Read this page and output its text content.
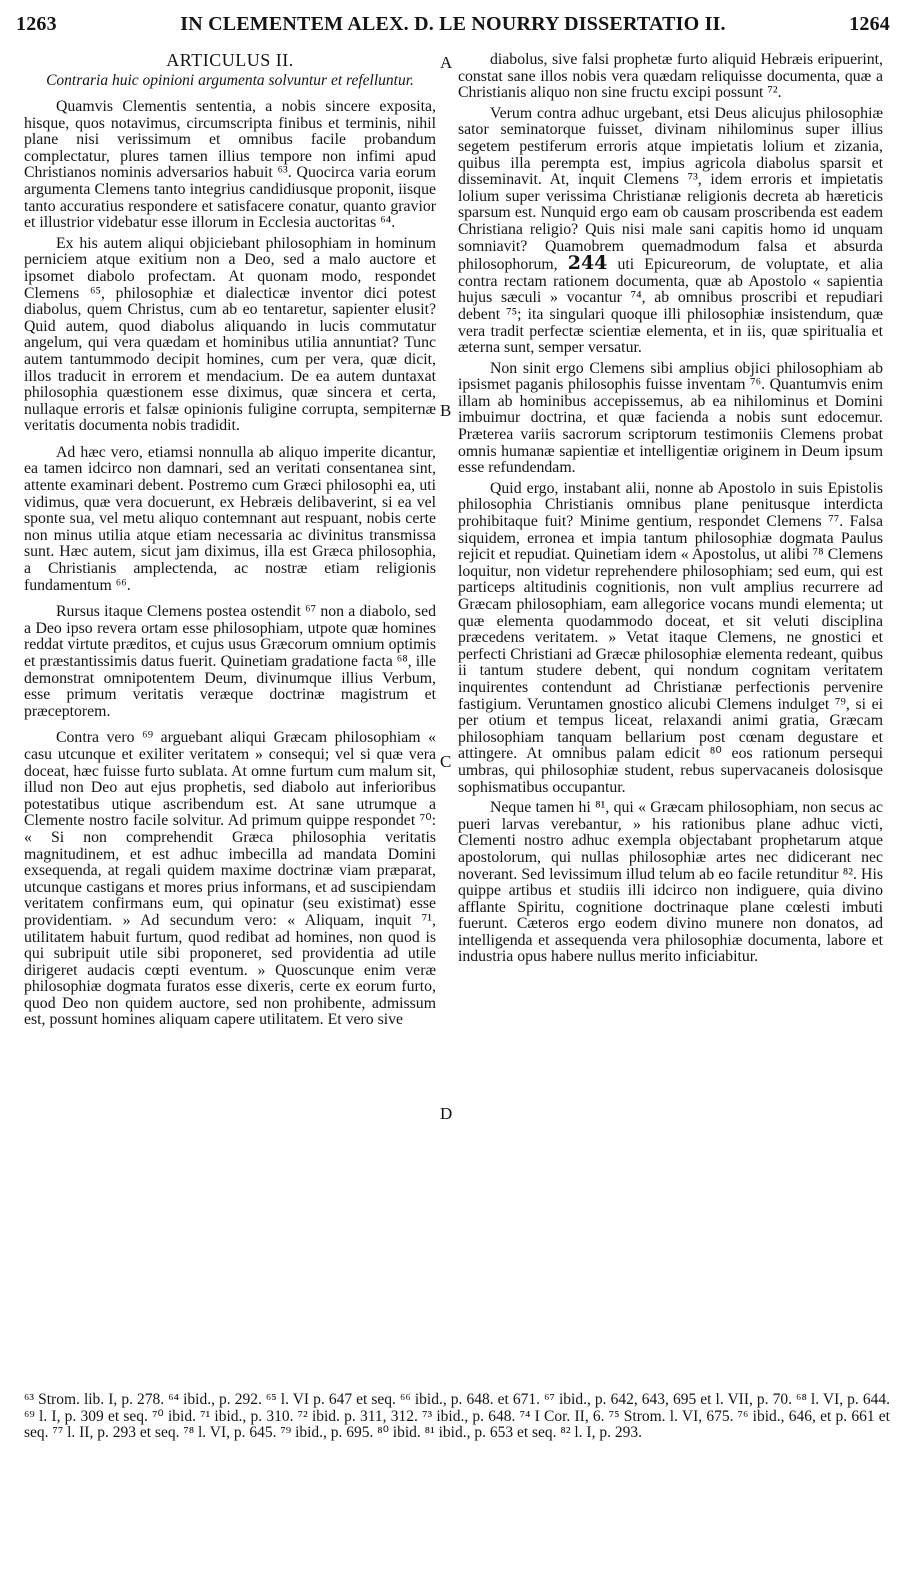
1263	IN CLEMENTEM ALEX. D. LE NOURRY DISSERTATIO II.	1264
A
B
C
D
ARTICULUS II.
Contraria huic opinioni argumenta solvuntur et refelluntur.

Quamvis Clementis sententia, a nobis sincere exposita, hisque, quos notavimus, circumscripta finibus et terminis, nihil plane nisi verissimum et omnibus facile probandum complectatur, plures tamen illius tempore non infimi apud Christianos nominis adversarios habuit ⁶³. Quocirca varia eorum argumenta Clemens tanto integrius candidiusque proponit, iisque tanto accuratius respondere et satisfacere conatur, quanto gravior et illustrior videbatur esse illorum in Ecclesia auctoritas ⁶⁴.

Ex his autem aliqui objiciebant philosophiam in hominum perniciem atque exitium non a Deo, sed a malo auctore et ipsomet diabolo profectam. At quonam modo, respondet Clemens ⁶⁵, philosophiæ et dialecticæ inventor dici potest diabolus, quem Christus, cum ab eo tentaretur, sapienter elusit? Quid autem, quod diabolus aliquando in lucis commutatur angelum, qui vera quædam et hominibus utilia annuntiat? Tunc autem tantummodo decipit homines, cum per vera, quæ dicit, illos traducit in errorem et mendacium. De ea autem duntaxat philosophia quæstionem esse diximus, quæ sincera et certa, nullaque erroris et falsæ opinionis fuligine corrupta, sempiternæ veritatis documenta nobis tradidit.

Ad hæc vero, etiamsi nonnulla ab aliquo imperite dicantur, ea tamen idcirco non damnari, sed an veritati consentanea sint, attente examinari debent. Postremo cum Græci philosophi ea, uti vidimus, quæ vera docuerunt, ex Hebræis delibaverint, si ea vel sponte sua, vel metu aliquo contemnant aut respuant, nobis certe non minus utilia atque etiam necessaria ac divinitus transmissa sunt. Hæc autem, sicut jam diximus, illa est Græca philosophia, a Christianis amplectenda, ac nostræ etiam religionis fundamentum ⁶⁶.

Rursus itaque Clemens postea ostendit ⁶⁷ non a diabolo, sed a Deo ipso revera ortam esse philosophiam, utpote quæ homines reddat virtute præditos, et cujus usus Græcorum omnium optimis et præstantissimis datus fuerit. Quinetiam gradatione facta ⁶⁸, ille demonstrat omnipotentem Deum, divinumque illius Verbum, esse primum veritatis veræque doctrinæ magistrum et præceptorem.

Contra vero ⁶⁹ arguebant aliqui Græcam philosophiam « casu utcunque et exiliter veritatem » consequi; vel si quæ vera doceat, hæc fuisse furto sublata. At omne furtum cum malum sit, illud non Deo aut ejus prophetis, sed diabolo aut inferioribus potestatibus utique ascribendum est. At sane utrumque a Clemente nostro facile solvitur. Ad primum quippe respondet ⁷⁰: « Si non comprehendit Græca philosophia veritatis magnitudinem, et est adhuc imbecilla ad mandata Domini exsequenda, at regali quidem maxime doctrinæ viam præparat, utcunque castigans et mores prius informans, et ad suscipiendam veritatem confirmans eum, qui opinatur (seu existimat) esse providentiam. » Ad secundum vero: « Aliquam, inquit ⁷¹, utilitatem habuit furtum, quod redibat ad homines, non quod is qui subripuit utile sibi proponeret, sed providentia ad utile dirigeret audacis cœpti eventum. » Quoscunque enim veræ philosophiæ dogmata furatos esse dixeris, certe ex eorum furto, quod Deo non quidem auctore, sed non prohibente, admissum est, possunt homines aliquam capere utilitatem. Et vero sive

diabolus, sive falsi prophetæ furto aliquid Hebræis eripuerint, constat sane illos nobis vera quædam reliquisse documenta, quæ a Christianis aliquo non sine fructu excipi possunt ⁷².

Verum contra adhuc urgebant, etsi Deus alicujus philosophiæ sator seminatorque fuisset, divinam nihilominus super illius segetem pestiferum erroris atque impietatis lolium et zizania, quibus illa perempta est, impius agricola diabolus sparsit et disseminavit. At, inquit Clemens ⁷³, idem erroris et impietatis lolium super verissima Christianæ religionis decreta ab hæreticis sparsum est. Nunquid ergo eam ob causam proscribenda est eadem Christiana religio? Quis nisi male sani capitis homo id unquam somniavit? Quamobrem quemadmodum falsa et absurda philosophorum, 244 uti Epicureorum, de voluptate, et alia contra rectam rationem documenta, quæ ab Apostolo « sapientia hujus sæculi » vocantur ⁷⁴, ab omnibus proscribi et repudiari debent ⁷⁵; ita singulari quoque illi philosophiæ insistendum, quæ vera tradit perfectæ scientiæ elementa, et in iis, quæ spiritualia et æterna sunt, semper versatur.

Non sinit ergo Clemens sibi amplius objici philosophiam ab ipsismet paganis philosophis fuisse inventam ⁷⁶. Quantumvis enim illam ab hominibus accepissemus, ab ea nihilominus et Domini imbuimur doctrina, et quæ facienda a nobis sunt edocemur. Præterea variis sacrorum scriptorum testimoniis Clemens probat omnis humanæ sapientiæ et intelligentiæ originem in Deum ipsum esse refundendam.

Quid ergo, instabant alii, nonne ab Apostolo in suis Epistolis philosophia Christianis omnibus plane penitusque interdicta prohibitaque fuit? Minime gentium, respondet Clemens ⁷⁷. Falsa siquidem, erronea et impia tantum philosophiæ dogmata Paulus rejicit et repudiat. Quinetiam idem « Apostolus, ut alibi ⁷⁸ Clemens loquitur, non videtur reprehendere philosophiam; sed eum, qui est particeps altitudinis cognitionis, non vult amplius recurrere ad Græcam philosophiam, eam allegorice vocans mundi elementa; ut quæ elementa quodammodo doceat, et sit veluti disciplina præcedens veritatem. » Vetat itaque Clemens, ne gnostici et perfecti Christiani ad Græcæ philosophiæ elementa redeant, quibus ii tantum studere debent, qui nondum cognitam veritatem inquirentes contendunt ad Christianæ perfectionis pervenire fastigium. Veruntamen gnostico alicubi Clemens indulget ⁷⁹, si ei per otium et tempus liceat, relaxandi animi gratia, Græcam philosophiam tanquam bellarium post cœnam degustare et attingere. At omnibus palam edicit ⁸⁰ eos rationum persequi umbras, qui philosophiæ student, rebus supervacaneis dolosisque sophismatibus occupantur.

Neque tamen hi ⁸¹, qui « Græcam philosophiam, non secus ac pueri larvas verebantur, » his rationibus plane adhuc victi, Clementi nostro adhuc exempla objectabant prophetarum atque apostolorum, qui nullas philosophiæ artes nec didicerant nec noverant. Sed levissimum illud telum ab eo facile retunditur ⁸². His quippe artibus et studiis illi idcirco non indiguere, quia divino afflante Spiritu, cognitione doctrinaque plane cœlesti imbuti fuerunt. Cæteros ergo eodem divino munere non donatos, ad intelligenda et assequenda vera philosophiæ documenta, labore et industria opus habere nullus merito inficiabitur.

⁶³ Strom. lib. I, p. 278. ⁶⁴ ibid., p. 292. ⁶⁵ l. VI p. 647 et seq. ⁶⁶ ibid., p. 648. et 671. ⁶⁷ ibid., p. 642, 643, 695 et l. VII, p. 70. ⁶⁸ l. VI, p. 644. ⁶⁹ l. I, p. 309 et seq. ⁷⁰ ibid. ⁷¹ ibid., p. 310. ⁷² ibid. p. 311, 312. ⁷³ ibid., p. 648. ⁷⁴ I Cor. II, 6. ⁷⁵ Strom. l. VI, 675. ⁷⁶ ibid., 646, et p. 661 et seq. ⁷⁷ l. II, p. 293 et seq. ⁷⁸ l. VI, p. 645. ⁷⁹ ibid., p. 695. ⁸⁰ ibid. ⁸¹ ibid., p. 653 et seq. ⁸² l. I, p. 293.
